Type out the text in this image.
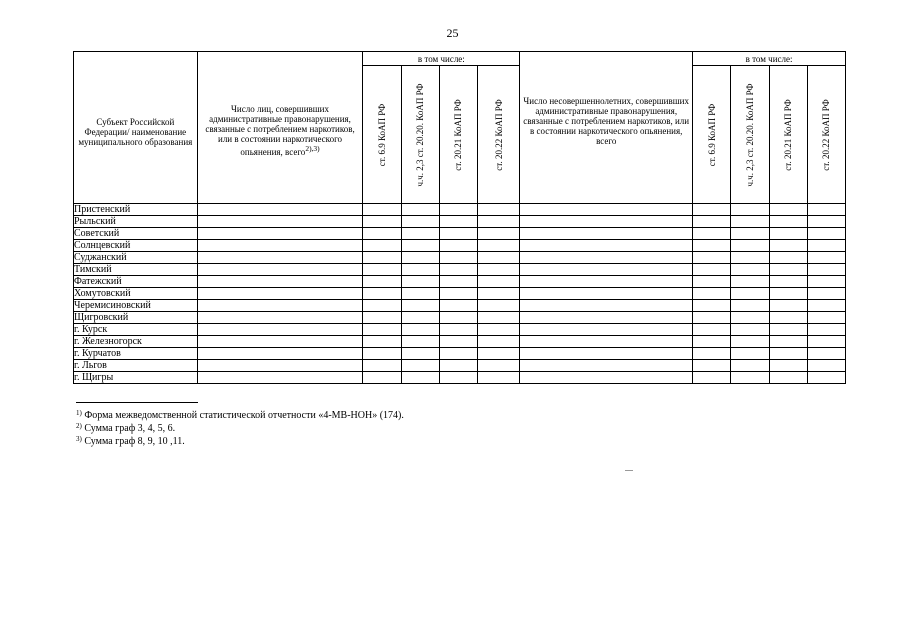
25
Субъект Российской Федерации/ наименование муниципального образования	Число лиц, совершивших административные правонарушения, связанные с потреблением наркотиков, или в состоянии наркотического опьянения, всего$^{2),3)}$	в том числе:				Число несовершеннолетних, совершивших административные правонарушения, связанные с потреблением наркотиков, или в состоянии наркотического опьянения, всего	в том числе:			

		ст. 6.9 КоАП РФ	ч.ч. 2,3 ст. 20.20. КоАП РФ	ст. 20.21 КоАП РФ	ст. 20.22 КоАП РФ		ст. 6.9 КоАП РФ	ч.ч. 2,3 ст. 20.20. КоАП РФ	ст. 20.21 КоАП РФ	ст. 20.22 КоАП РФ

Пристенский										
Рыльский										
Советский										
Солнцевский										
Суджанский										
Тимский										
Фатежский										
Хомутовский										
Черемисиновский										
Щигровский										
г. Курск										
г. Железногорск										
г. Курчатов										
г. Льгов										
г. Щигры										
$^{1)}$ Форма межведомственной статистической отчетности «4-МВ-НОН» (174).
$^{2)}$ Сумма граф 3, 4, 5, 6.
$^{3)}$ Сумма граф 8, 9, 10 ,11.
